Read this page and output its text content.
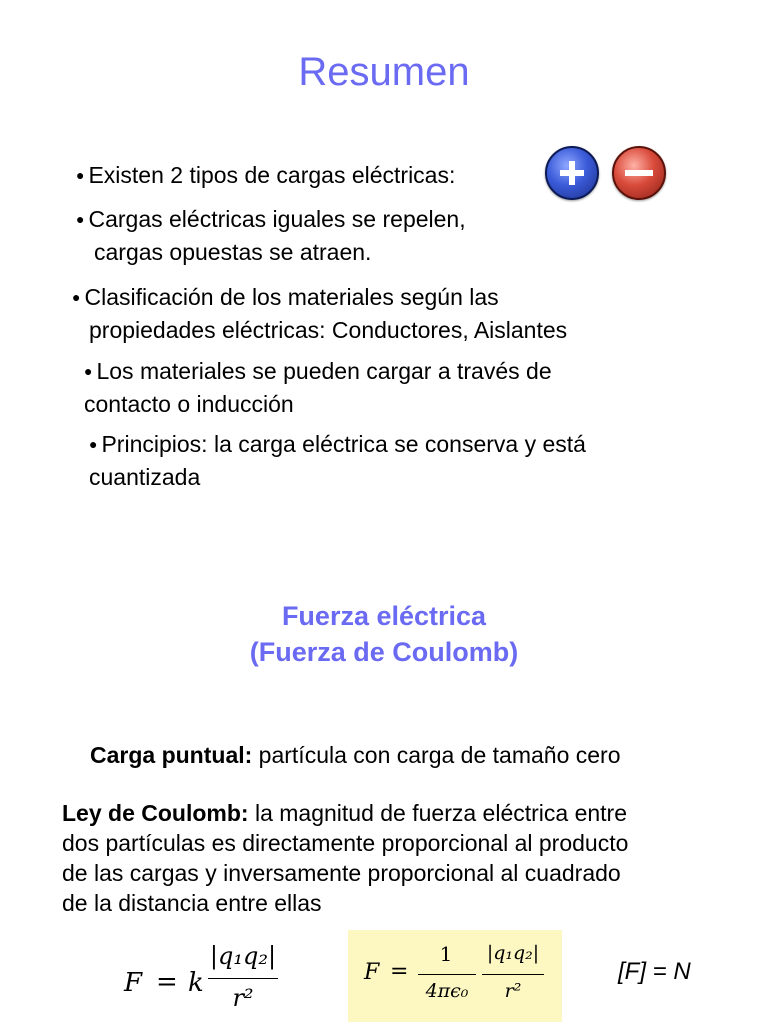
Resumen
● Existen 2 tipos de cargas eléctricas:
● Cargas eléctricas iguales se repelen,
cargas opuestas se atraen.
● Clasificación de los materiales según las
propiedades eléctricas: Conductores, Aislantes
● Los materiales se pueden cargar a través de
contacto o inducción
● Principios: la carga eléctrica se conserva y está
cuantizada
Fuerza eléctrica
(Fuerza de Coulomb)
Carga puntual: partícula con carga de tamaño cero
Ley de Coulomb: la magnitud de fuerza eléctrica entre
dos partículas es directamente proporcional al producto
de las cargas y inversamente proporcional al cuadrado
de la distancia entre ellas
F = k
|q₁q₂|
r²
F =
1
4πϵ₀
|q₁q₂|
r²
[F] = N
